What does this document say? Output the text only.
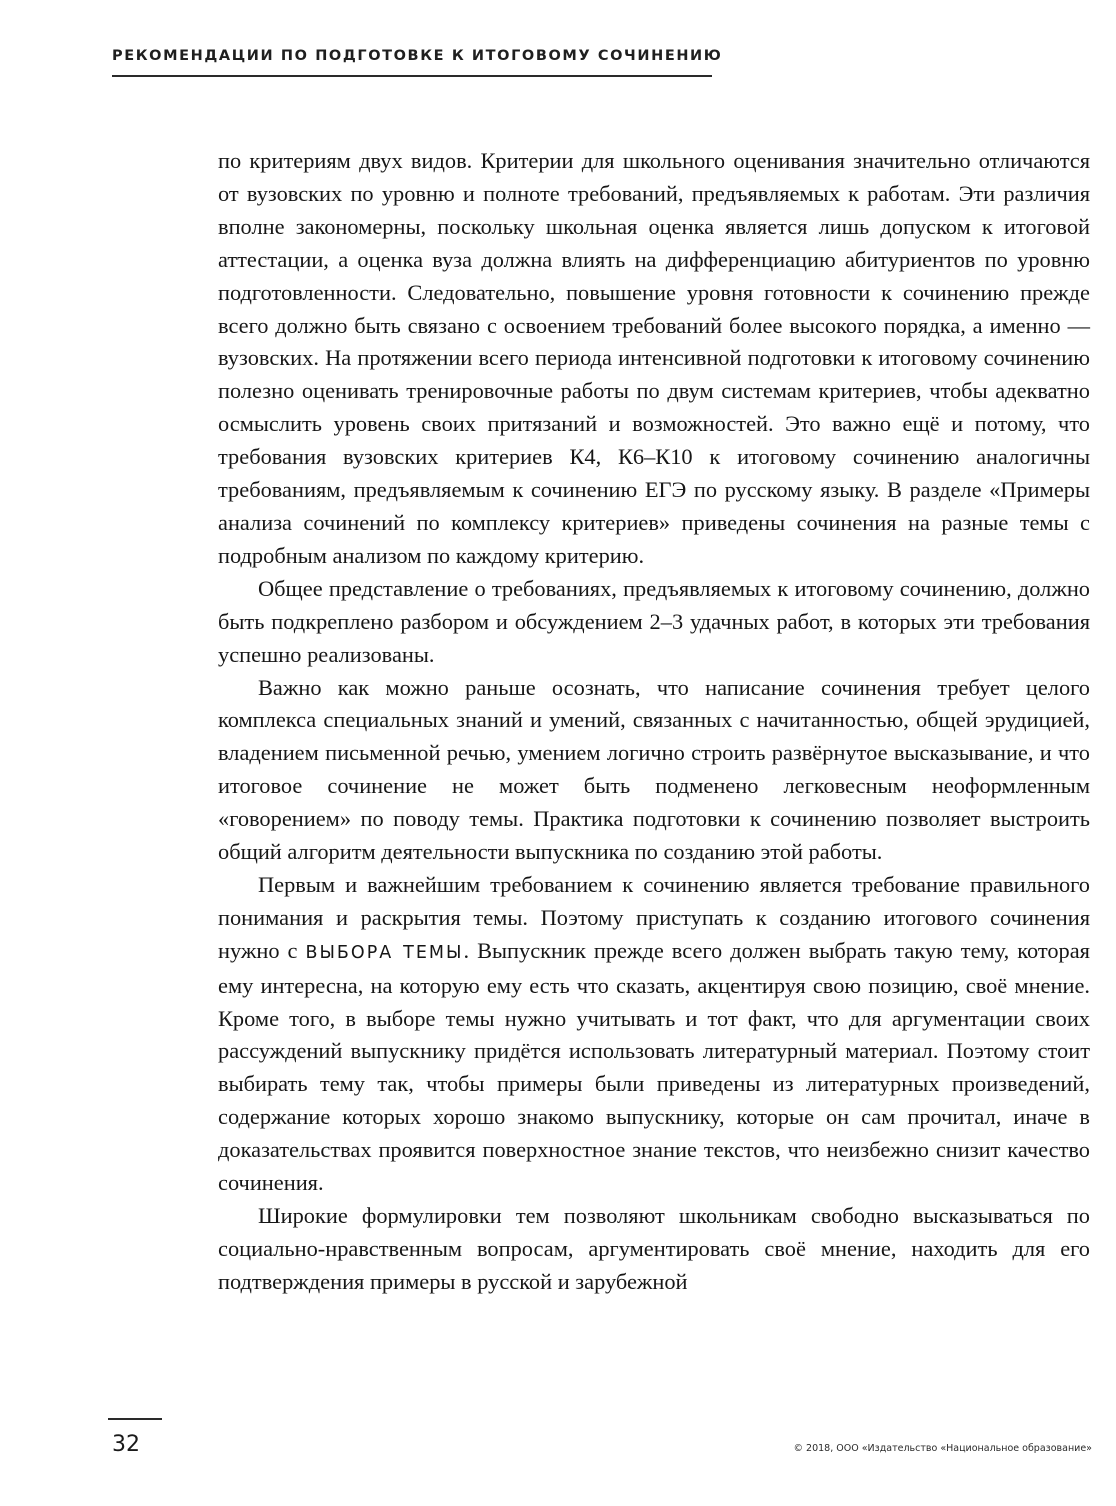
РЕКОМЕНДАЦИИ ПО ПОДГОТОВКЕ К ИТОГОВОМУ СОЧИНЕНИЮ

по критериям двух видов. Критерии для школьного оценивания значительно отличаются от вузовских по уровню и полноте требований, предъявляемых к работам. Эти различия вполне закономерны, поскольку школьная оценка является лишь допуском к итоговой аттестации, а оценка вуза должна влиять на дифференциацию абитуриентов по уровню подготовленности. Следовательно, повышение уровня готовности к сочинению прежде всего должно быть связано с освоением требований более высокого порядка, а именно — вузовских. На протяжении всего периода интенсивной подготовки к итоговому сочинению полезно оценивать тренировочные работы по двум системам критериев, чтобы адекватно осмыслить уровень своих притязаний и возможностей. Это важно ещё и потому, что требования вузовских критериев К4, К6–К10 к итоговому сочинению аналогичны требованиям, предъявляемым к сочинению ЕГЭ по русскому языку. В разделе «Примеры анализа сочинений по комплексу критериев» приведены сочинения на разные темы с подробным анализом по каждому критерию.

Общее представление о требованиях, предъявляемых к итоговому сочинению, должно быть подкреплено разбором и обсуждением 2–3 удачных работ, в которых эти требования успешно реализованы.

Важно как можно раньше осознать, что написание сочинения требует целого комплекса специальных знаний и умений, связанных с начитанностью, общей эрудицией, владением письменной речью, умением логично строить развёрнутое высказывание, и что итоговое сочинение не может быть подменено легковесным неоформленным «говорением» по поводу темы. Практика подготовки к сочинению позволяет выстроить общий алгоритм деятельности выпускника по созданию этой работы.

Первым и важнейшим требованием к сочинению является требование правильного понимания и раскрытия темы. Поэтому приступать к созданию итогового сочинения нужно с ВЫБОРА ТЕМЫ. Выпускник прежде всего должен выбрать такую тему, которая ему интересна, на которую ему есть что сказать, акцентируя свою позицию, своё мнение. Кроме того, в выборе темы нужно учитывать и тот факт, что для аргументации своих рассуждений выпускнику придётся использовать литературный материал. Поэтому стоит выбирать тему так, чтобы примеры были приведены из литературных произведений, содержание которых хорошо знакомо выпускнику, которые он сам прочитал, иначе в доказательствах проявится поверхностное знание текстов, что неизбежно снизит качество сочинения.

Широкие формулировки тем позволяют школьникам свободно высказываться по социально-нравственным вопросам, аргументировать своё мнение, находить для его подтверждения примеры в русской и зарубежной

32	© 2018, ООО «Издательство «Национальное образование»
